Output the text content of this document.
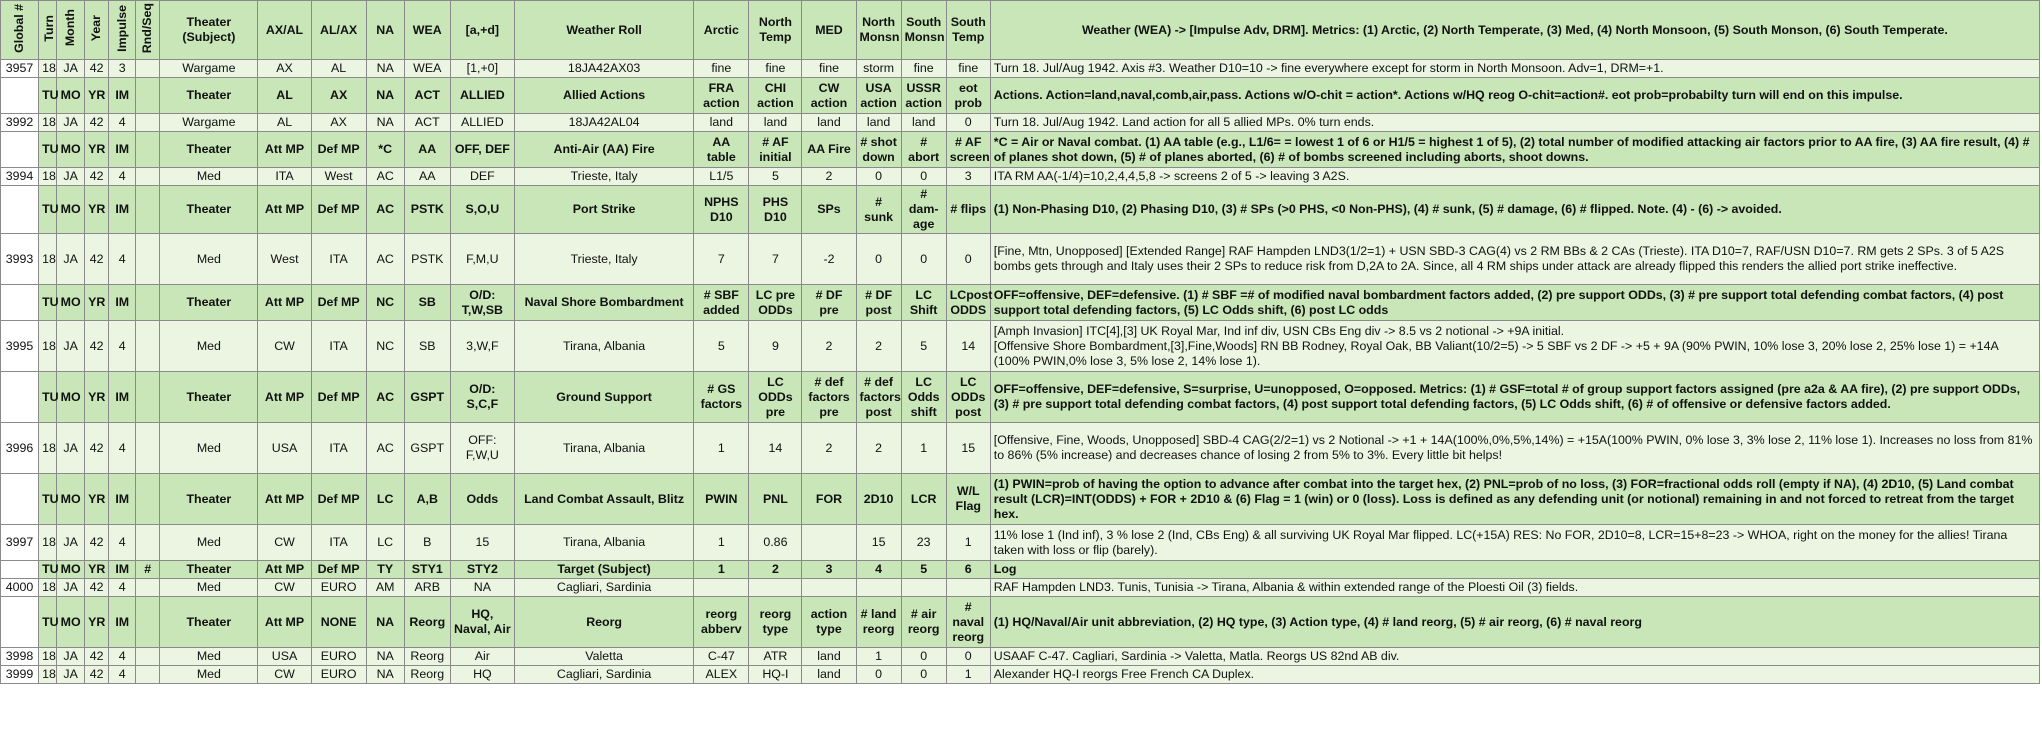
Global #	Turn	Month	Year	Impulse	Rnd/Seq	Theater (Subject)	AX/AL	AL/AX	NA	WEA	[a,+d]	Weather Roll	Arctic	North Temp	MED	North Monsn	South Monsn	South Temp	Weather (WEA) -> [Impulse Adv, DRM]. Metrics: (1) Arctic, (2) North Temperate, (3) Med, (4) North Monsoon, (5) South Monson, (6) South Temperate.
3957	18	JA	42	3		Wargame	AX	AL	NA	WEA	[1,+0]	18JA42AX03	fine	fine	fine	storm	fine	fine	Turn 18. Jul/Aug 1942. Axis #3. Weather D10=10 -> fine everywhere except for storm in North Monsoon. Adv=1, DRM=+1.
	TU	MO	YR	IM		Theater	AL	AX	NA	ACT	ALLIED	Allied Actions	FRA action	CHI action	CW action	USA action	USSR action	eot prob	Actions. Action=land,naval,comb,air,pass. Actions w/O-chit = action*. Actions w/HQ reog O-chit=action#. eot prob=probabilty turn will end on this impulse.
3992	18	JA	42	4		Wargame	AL	AX	NA	ACT	ALLIED	18JA42AL04	land	land	land	land	land	0	Turn 18. Jul/Aug 1942. Land action for all 5 allied MPs. 0% turn ends.
	TU	MO	YR	IM		Theater	Att MP	Def MP	*C	AA	OFF, DEF	Anti-Air (AA) Fire	AA table	# AF initial	AA Fire	# shot down	# abort	# AF screen	*C = Air or Naval combat. (1) AA table (e.g., L1/6= = lowest 1 of 6 or H1/5 = highest 1 of 5), (2) total number of modified attacking air factors prior to AA fire, (3) AA fire result, (4) # of planes shot down, (5) # of planes aborted, (6) # of bombs screened including aborts, shoot downs.
3994	18	JA	42	4		Med	ITA	West	AC	AA	DEF	Trieste, Italy	L1/5	5	2	0	0	3	ITA RM AA(-1/4)=10,2,4,4,5,8 -> screens 2 of 5 -> leaving 3 A2S.
	TU	MO	YR	IM		Theater	Att MP	Def MP	AC	PSTK	S,O,U	Port Strike	NPHS D10	PHS D10	SPs	# sunk	# dam-age	# flips	(1) Non-Phasing D10, (2) Phasing D10, (3) # SPs (>0 PHS, <0 Non-PHS), (4) # sunk, (5) # damage, (6) # flipped. Note. (4) - (6) -> avoided.
3993	18	JA	42	4		Med	West	ITA	AC	PSTK	F,M,U	Trieste, Italy	7	7	-2	0	0	0	[Fine, Mtn, Unopposed] [Extended Range] RAF Hampden LND3(1/2=1) + USN SBD-3 CAG(4) vs 2 RM BBs & 2 CAs (Trieste). ITA D10=7, RAF/USN D10=7. RM gets 2 SPs. 3 of 5 A2S bombs gets through and Italy uses their 2 SPs to reduce risk from D,2A to 2A. Since, all 4 RM ships under attack are already flipped this renders the allied port strike ineffective.
	TU	MO	YR	IM		Theater	Att MP	Def MP	NC	SB	O/D: T,W,SB	Naval Shore Bombardment	# SBF added	LC pre ODDs	# DF pre	# DF post	LC Shift	LCpost ODDS	OFF=offensive, DEF=defensive. (1) # SBF =# of modified naval bombardment factors added, (2) pre support ODDs, (3) # pre support total defending combat factors, (4) post support total defending factors, (5) LC Odds shift, (6) post LC odds
3995	18	JA	42	4		Med	CW	ITA	NC	SB	3,W,F	Tirana, Albania	5	9	2	2	5	14	[Amph Invasion] ITC[4],[3] UK Royal Mar, Ind inf div, USN CBs Eng div -> 8.5 vs 2 notional -> +9A initial.
[Offensive Shore Bombardment,[3],Fine,Woods] RN BB Rodney, Royal Oak, BB Valiant(10/2=5) -> 5 SBF vs 2 DF -> +5 + 9A (90% PWIN, 10% lose 3, 20% lose 2, 25% lose 1) = +14A (100% PWIN,0% lose 3, 5% lose 2, 14% lose 1).
	TU	MO	YR	IM		Theater	Att MP	Def MP	AC	GSPT	O/D: S,C,F	Ground Support	# GS factors	LC ODDs pre	# def factors pre	# def factors post	LC Odds shift	LC ODDs post	OFF=offensive, DEF=defensive, S=surprise, U=unopposed, O=opposed. Metrics: (1) # GSF=total # of group support factors assigned (pre a2a & AA fire), (2) pre support ODDs, (3) # pre support total defending combat factors, (4) post support total defending factors, (5) LC Odds shift, (6) # of offensive or defensive factors added.
3996	18	JA	42	4		Med	USA	ITA	AC	GSPT	OFF: F,W,U	Tirana, Albania	1	14	2	2	1	15	[Offensive, Fine, Woods, Unopposed] SBD-4 CAG(2/2=1) vs 2 Notional -> +1 + 14A(100%,0%,5%,14%) = +15A(100% PWIN, 0% lose 3, 3% lose 2, 11% lose 1). Increases no loss from 81% to 86% (5% increase) and decreases chance of losing 2 from 5% to 3%. Every little bit helps!
	TU	MO	YR	IM		Theater	Att MP	Def MP	LC	A,B	Odds	Land Combat Assault, Blitz	PWIN	PNL	FOR	2D10	LCR	W/L Flag	(1) PWIN=prob of having the option to advance after combat into the target hex, (2) PNL=prob of no loss, (3) FOR=fractional odds roll (empty if NA), (4) 2D10, (5) Land combat result (LCR)=INT(ODDS) + FOR + 2D10 & (6) Flag = 1 (win) or 0 (loss). Loss is defined as any defending unit (or notional) remaining in and not forced to retreat from the target hex.
3997	18	JA	42	4		Med	CW	ITA	LC	B	15	Tirana, Albania	1	0.86		15	23	1	11% lose 1 (Ind inf), 3 % lose 2 (Ind, CBs Eng) & all surviving UK Royal Mar flipped. LC(+15A) RES: No FOR, 2D10=8, LCR=15+8=23 -> WHOA, right on the money for the allies! Tirana taken with loss or flip (barely).
	TU	MO	YR	IM	#	Theater	Att MP	Def MP	TY	STY1	STY2	Target (Subject)	1	2	3	4	5	6	Log
4000	18	JA	42	4		Med	CW	EURO	AM	ARB	NA	Cagliari, Sardinia							RAF Hampden LND3. Tunis, Tunisia -> Tirana, Albania & within extended range of the Ploesti Oil (3) fields.
	TU	MO	YR	IM		Theater	Att MP	NONE	NA	Reorg	HQ, Naval, Air	Reorg	reorg abberv	reorg type	action type	# land reorg	# air reorg	# naval reorg	(1) HQ/Naval/Air unit abbreviation, (2) HQ type, (3) Action type, (4) # land reorg, (5) # air reorg, (6) # naval reorg
3998	18	JA	42	4		Med	USA	EURO	NA	Reorg	Air	Valetta	C-47	ATR	land	1	0	0	USAAF C-47. Cagliari, Sardinia -> Valetta, Matla. Reorgs US 82nd AB div.
3999	18	JA	42	4		Med	CW	EURO	NA	Reorg	HQ	Cagliari, Sardinia	ALEX	HQ-I	land	0	0	1	Alexander HQ-I reorgs Free French CA Duplex.
